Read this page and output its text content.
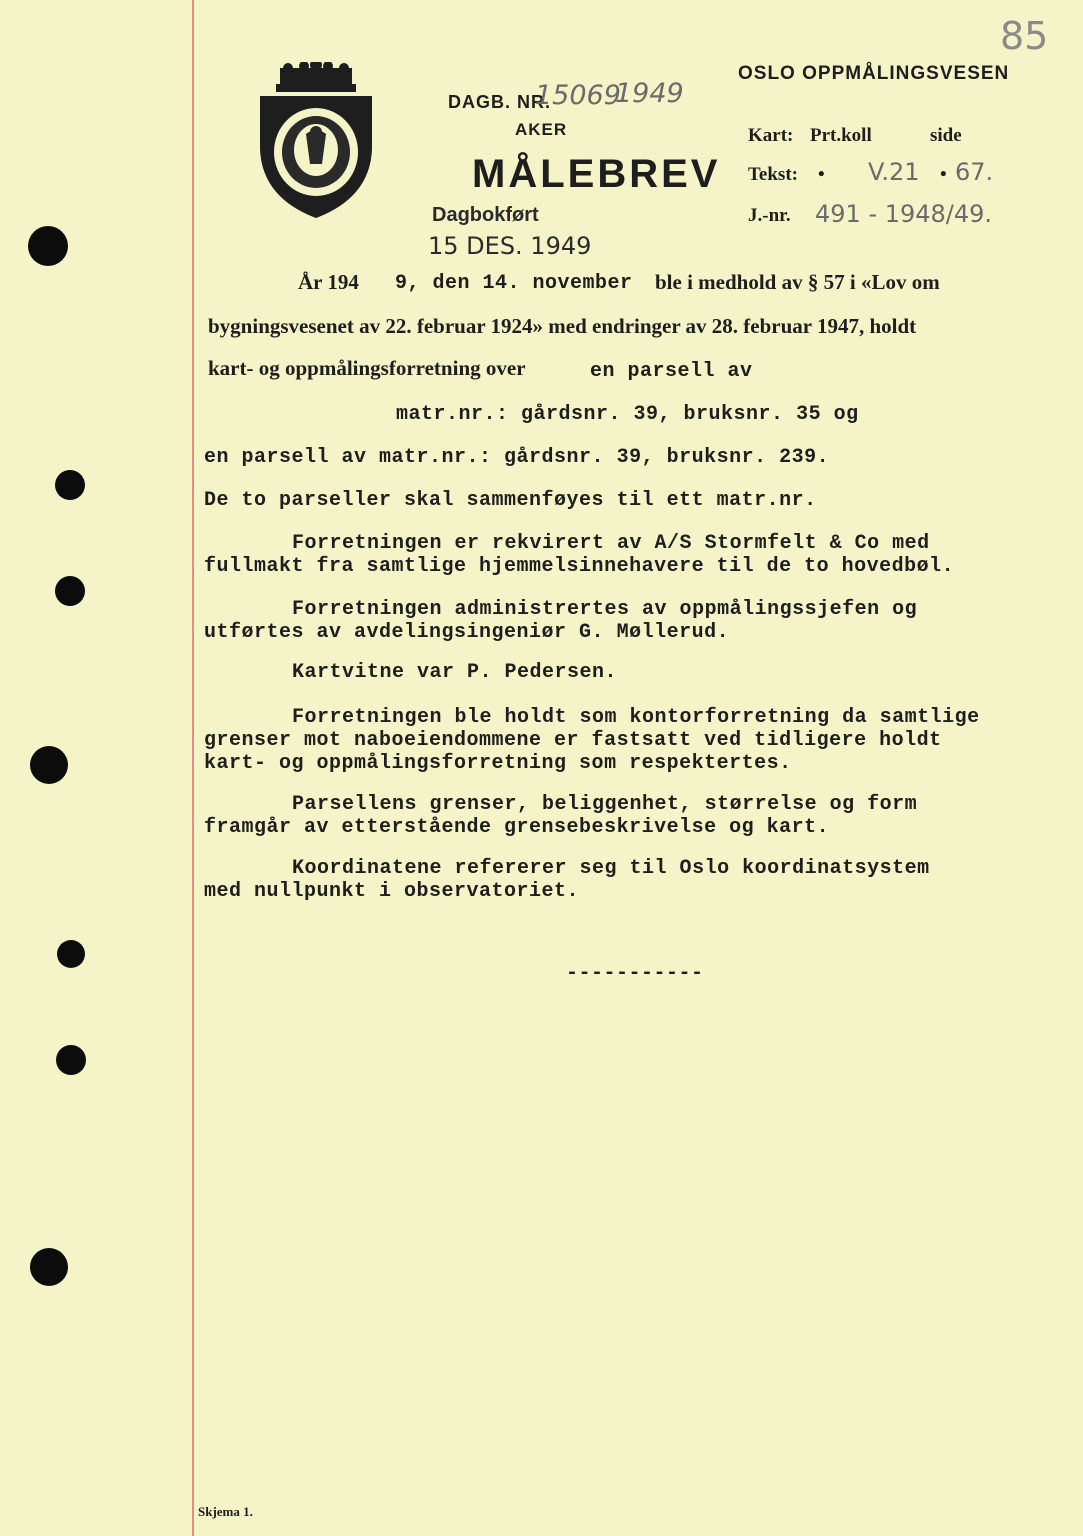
85
DAGB. NR.
15069
1949
AKER
MÅLEBREV
Dagbokført
15 DES. 1949
OSLO OPPMÅLINGSVESEN
Kart: Prt.koll	side
Tekst: • V.21 • 67.
J.-nr. 491 - 1948/49.
År 194 9, den 14. november ble i medhold av § 57 i «Lov om
bygningsvesenet av 22. februar 1924» med endringer av 28. februar 1947, holdt
kart- og oppmålingsforretning over	en parsell av
matr.nr.: gårdsnr. 39, bruksnr. 35 og
en parsell av matr.nr.: gårdsnr. 39, bruksnr. 239.
De to parseller skal sammenføyes til ett matr.nr.
Forretningen er rekvirert av A/S Stormfelt & Co med
fullmakt fra samtlige hjemmelsinnehavere til de to hovedbøl.
Forretningen administrertes av oppmålingssjefen og
utførtes av avdelingsingeniør G. Møllerud.
Kartvitne var P. Pedersen.
Forretningen ble holdt som kontorforretning da samtlige
grenser mot naboeiendommene er fastsatt ved tidligere holdt
kart- og oppmålingsforretning som respektertes.
Parsellens grenser, beliggenhet, størrelse og form
framgår av etterstående grensebeskrivelse og kart.
Koordinatene refererer seg til Oslo koordinatsystem
med nullpunkt i observatoriet.
-----------
Skjema 1.
